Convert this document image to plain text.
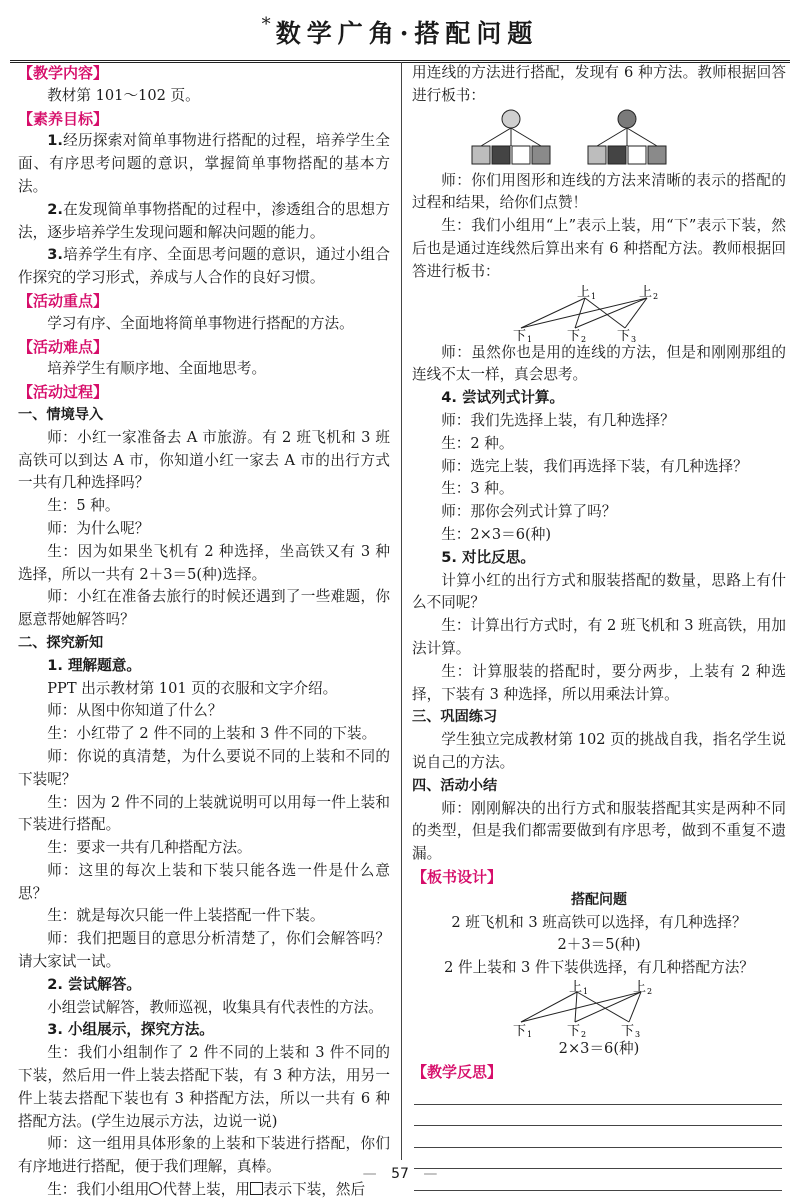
* 数学广角·搭配问题
【教学内容】
教材第 101～102 页。
【素养目标】
1.经历探索对简单事物进行搭配的过程，培养学生全面、有序思考问题的意识，掌握简单事物搭配的基本方法。
2.在发现简单事物搭配的过程中，渗透组合的思想方法，逐步培养学生发现问题和解决问题的能力。
3.培养学生有序、全面思考问题的意识，通过小组合作探究的学习形式，养成与人合作的良好习惯。
【活动重点】
学习有序、全面地将简单事物进行搭配的方法。
【活动难点】
培养学生有顺序地、全面地思考。
【活动过程】
一、情境导入
师：小红一家准备去 A 市旅游。有 2 班飞机和 3 班高铁可以到达 A 市，你知道小红一家去 A 市的出行方式一共有几种选择吗？
生：5 种。
师：为什么呢？
生：因为如果坐飞机有 2 种选择，坐高铁又有 3 种选择，所以一共有 2＋3＝5(种)选择。
师：小红在准备去旅行的时候还遇到了一些难题，你愿意帮她解答吗？
二、探究新知
1. 理解题意。
PPT 出示教材第 101 页的衣服和文字介绍。
师：从图中你知道了什么？
生：小红带了 2 件不同的上装和 3 件不同的下装。
师：你说的真清楚，为什么要说不同的上装和不同的下装呢？
生：因为 2 件不同的上装就说明可以用每一件上装和下装进行搭配。
生：要求一共有几种搭配方法。
师：这里的每次上装和下装只能各选一件是什么意思？
生：就是每次只能一件上装搭配一件下装。
师：我们把题目的意思分析清楚了，你们会解答吗？请大家试一试。
2. 尝试解答。
小组尝试解答，教师巡视，收集具有代表性的方法。
3. 小组展示，探究方法。
生：我们小组制作了 2 件不同的上装和 3 件不同的下装，然后用一件上装去搭配下装，有 3 种方法，用另一件上装去搭配下装也有 3 种搭配方法，所以一共有 6 种搭配方法。(学生边展示方法，边说一说)
师：这一组用具体形象的上装和下装进行搭配，你们有序地进行搭配，便于我们理解，真棒。
生：我们小组用 代替上装，用 表示下装，然后
用连线的方法进行搭配，发现有 6 种方法。教师根据回答进行板书：
师：你们用图形和连线的方法来清晰的表示的搭配的过程和结果，给你们点赞！
生：我们小组用“上”表示上装，用“下”表示下装，然后也是通过连线然后算出来有 6 种搭配方法。教师根据回答进行板书：
上 1	上 2
下 1	下 2 下 3
师：虽然你也是用的连线的方法，但是和刚刚那组的连线不太一样，真会思考。
4. 尝试列式计算。
师：我们先选择上装，有几种选择？
生：2 种。
师：选完上装，我们再选择下装，有几种选择？
生：3 种。
师：那你会列式计算了吗？
生：2×3＝6(种)
5. 对比反思。
计算小红的出行方式和服装搭配的数量，思路上有什么不同呢？
生：计算出行方式时，有 2 班飞机和 3 班高铁，用加法计算。
生：计算服装的搭配时，要分两步，上装有 2 种选择，下装有 3 种选择，所以用乘法计算。
三、巩固练习
学生独立完成教材第 102 页的挑战自我，指名学生说说自己的方法。
四、活动小结
师：刚刚解决的出行方式和服装搭配其实是两种不同的类型，但是我们都需要做到有序思考，做到不重复不遗漏。
【板书设计】
搭配问题
2 班飞机和 3 班高铁可以选择，有几种选择？
2＋3＝5(种)
2 件上装和 3 件下装供选择，有几种搭配方法？
上 1	上 2
下 1	下 2	下 3
2×3＝6(种)
【教学反思】
— 57 —
